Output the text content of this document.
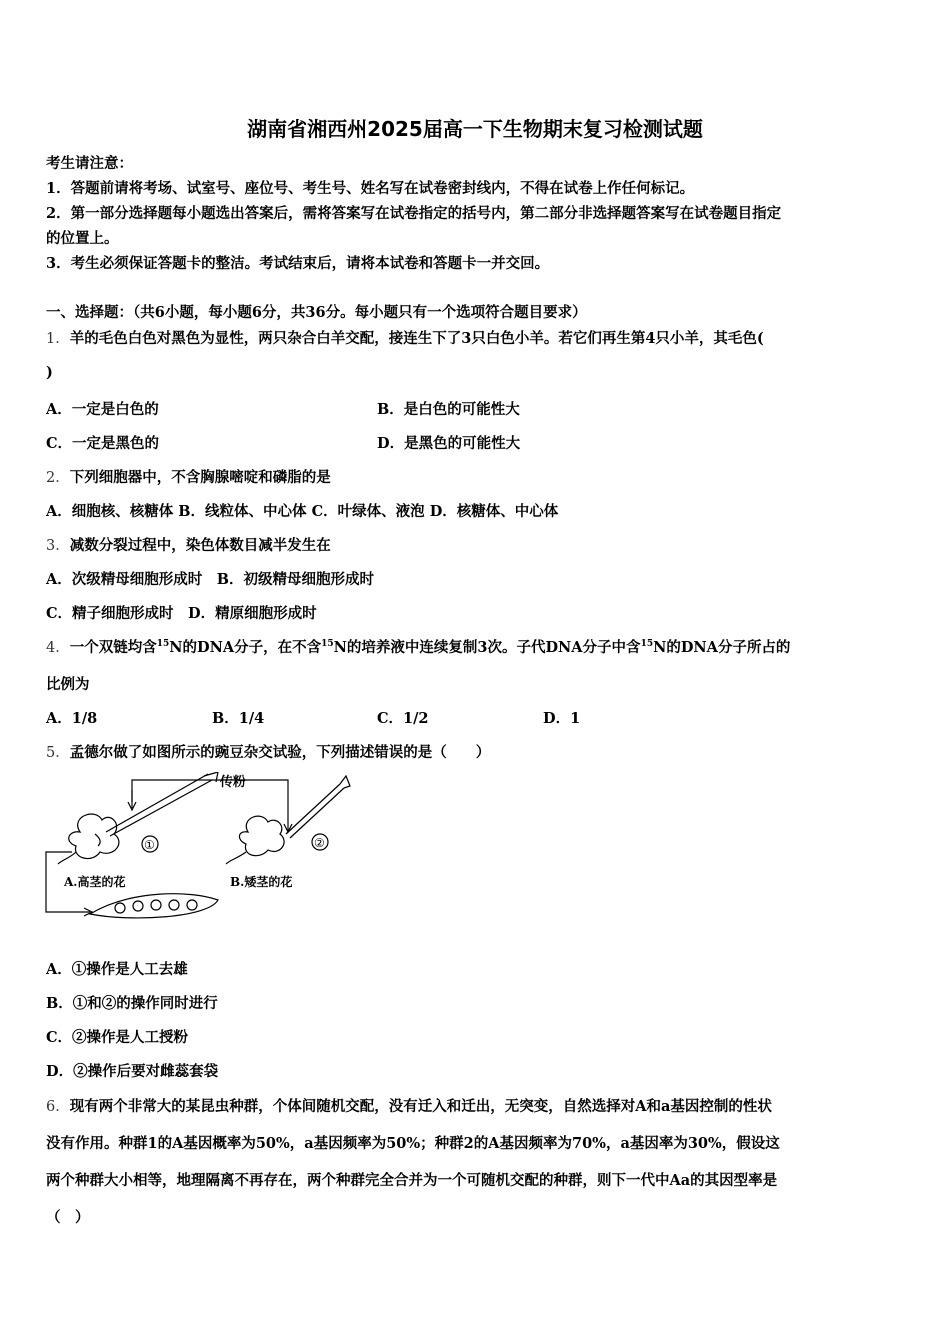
湖南省湘西州2025届高一下生物期末复习检测试题
考生请注意：
1．答题前请将考场、试室号、座位号、考生号、姓名写在试卷密封线内，不得在试卷上作任何标记。
2．第一部分选择题每小题选出答案后，需将答案写在试卷指定的括号内，第二部分非选择题答案写在试卷题目指定
的位置上。
3．考生必须保证答题卡的整洁。考试结束后，请将本试卷和答题卡一并交回。
一、选择题：（共6小题，每小题6分，共36分。每小题只有一个选项符合题目要求）
1．羊的毛色白色对黑色为显性，两只杂合白羊交配，接连生下了3只白色小羊。若它们再生第4只小羊，其毛色(
)
A．一定是白色的	B．是白色的可能性大
C．一定是黑色的	D．是黑色的可能性大
2．下列细胞器中，不含胸腺嘧啶和磷脂的是
A．细胞核、核糖体 B．线粒体、中心体 C．叶绿体、液泡 D．核糖体、中心体
3．减数分裂过程中，染色体数目减半发生在
A．次级精母细胞形成时　B．初级精母细胞形成时
C．精子细胞形成时　D．精原细胞形成时
4．一个双链均含$^{15}$N的DNA分子，在不含$^{15}$N的培养液中连续复制3次。子代DNA分子中含$^{15}$N的DNA分子所占的
比例为
A．1/8	B．1/4	C．1/2	D．1
5．孟德尔做了如图所示的豌豆杂交试验，下列描述错误的是（　　）
传粉
①	②
A.高茎的花	B.矮茎的花
A．①操作是人工去雄
B．①和②的操作同时进行
C．②操作是人工授粉
D．②操作后要对雌蕊套袋
6．现有两个非常大的某昆虫种群，个体间随机交配，没有迁入和迁出，无突变，自然选择对A和a基因控制的性状
没有作用。种群1的A基因概率为50%，a基因频率为50%；种群2的A基因频率为70%，a基因率为30%，假设这
两个种群大小相等，地理隔离不再存在，两个种群完全合并为一个可随机交配的种群，则下一代中Aa的其因型率是
（　）
